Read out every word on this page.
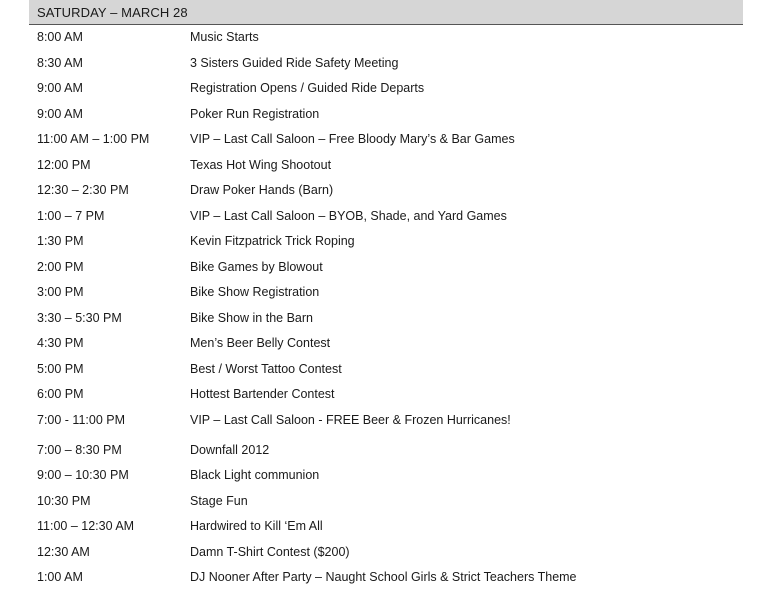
SATURDAY – MARCH 28
8:00 AM	Music Starts
8:30 AM	3 Sisters Guided Ride Safety Meeting
9:00 AM	Registration Opens / Guided Ride Departs
9:00 AM	Poker Run Registration
11:00 AM – 1:00 PM	VIP – Last Call Saloon – Free Bloody Mary’s & Bar Games
12:00 PM	Texas Hot Wing Shootout
12:30 – 2:30 PM	Draw Poker Hands (Barn)
1:00 – 7 PM	VIP – Last Call Saloon – BYOB, Shade, and Yard Games
1:30 PM	Kevin Fitzpatrick Trick Roping
2:00 PM	Bike Games by Blowout
3:00 PM	Bike Show Registration
3:30 – 5:30 PM	Bike Show in the Barn
4:30 PM	Men’s Beer Belly Contest
5:00 PM	Best / Worst Tattoo Contest
6:00 PM	Hottest Bartender Contest
7:00 - 11:00 PM	VIP – Last Call Saloon - FREE Beer & Frozen Hurricanes!
7:00 – 8:30 PM	Downfall 2012
9:00 – 10:30 PM	Black Light communion
10:30 PM	Stage Fun
11:00 – 12:30 AM	Hardwired to Kill ‘Em All
12:30 AM	Damn T-Shirt Contest ($200)
1:00 AM	DJ Nooner After Party – Naught School Girls & Strict Teachers Theme
